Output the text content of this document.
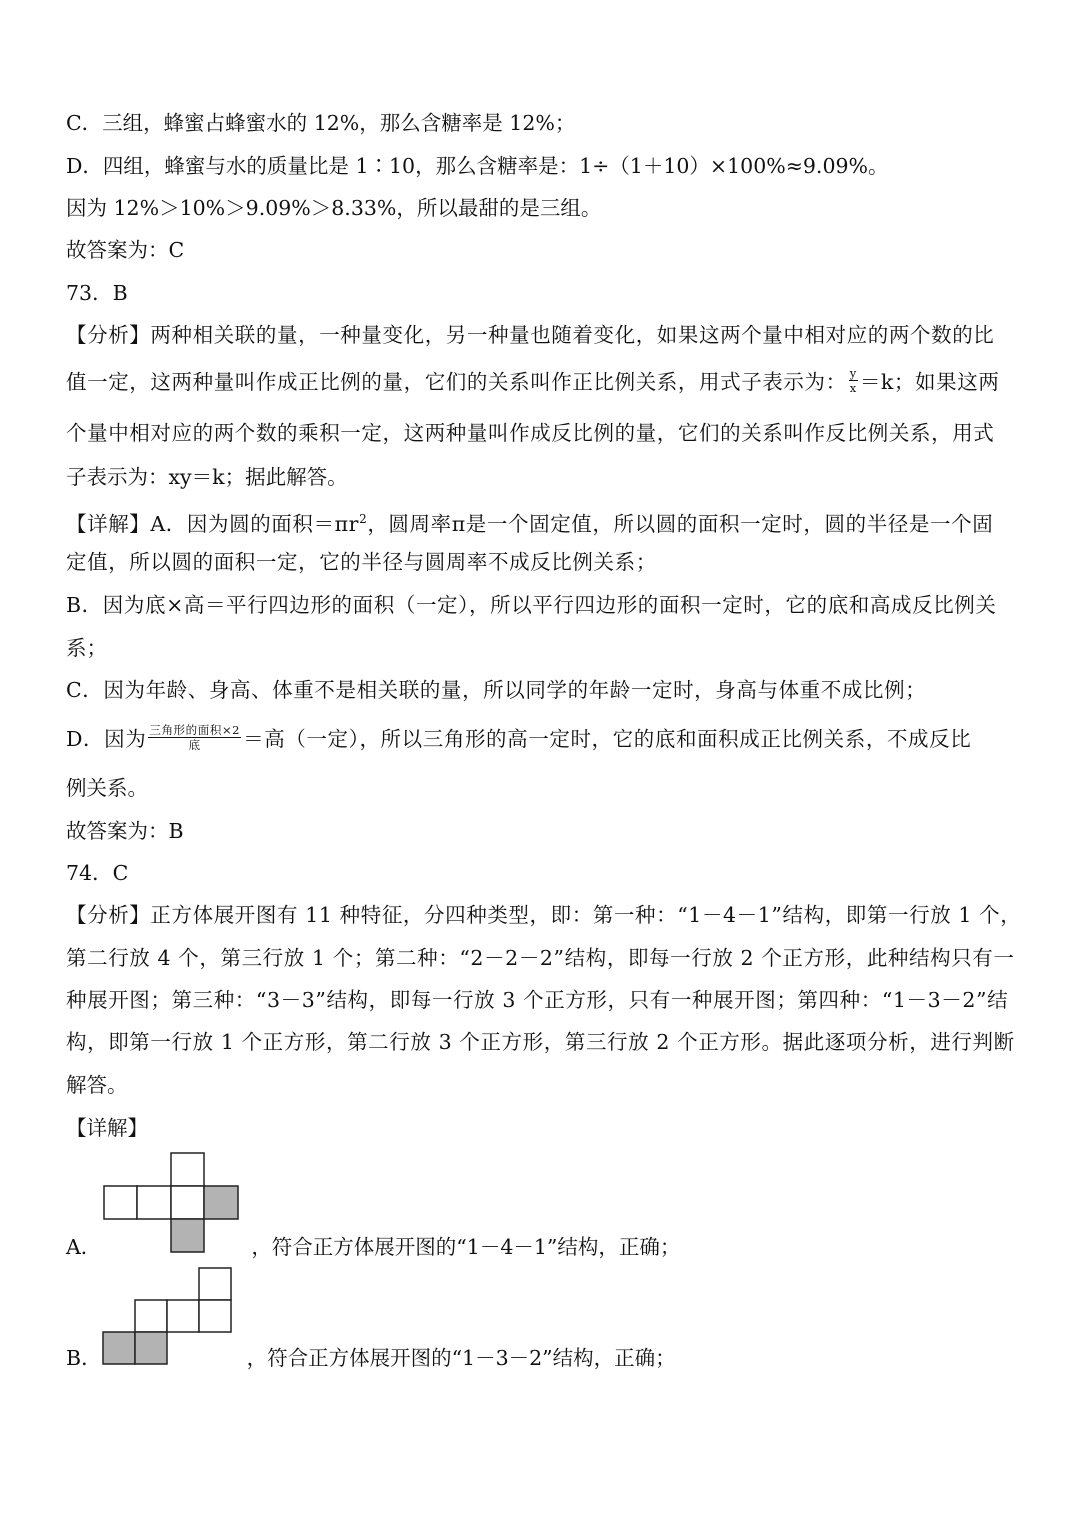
C．三组，蜂蜜占蜂蜜水的 12%，那么含糖率是 12%；
D．四组，蜂蜜与水的质量比是 1∶10，那么含糖率是：1÷（1＋10）×100%≈9.09%。
因为 12%＞10%＞9.09%＞8.33%，所以最甜的是三组。
故答案为：C
73．B
【分析】两种相关联的量，一种量变化，另一种量也随着变化，如果这两个量中相对应的两个数的比
值一定，这两种量叫作成正比例的量，它们的关系叫作正比例关系，用式子表示为： $\frac{y}{x} =k$；如果这两
个量中相对应的两个数的乘积一定，这两种量叫作成反比例的量，它们的关系叫作反比例关系，用式
子表示为：xy＝k；据此解答。
【详解】A．因为圆的面积$=\pi r^2$，圆周率π是一个固定值，所以圆的面积一定时，圆的半径是一个固
定值，所以圆的面积一定，它的半径与圆周率不成反比例关系；
B．因为底×高＝平行四边形的面积（一定），所以平行四边形的面积一定时，它的底和高成反比例关
系；
C．因为年龄、身高、体重不是相关联的量，所以同学的年龄一定时，身高与体重不成比例；
D．因为 $\frac{\text{三角形的面积×2}}{\text{底}}$ ＝高（一定），所以三角形的高一定时，它的底和面积成正比例关系，不成反比
例关系。
故答案为：B
74．C
【分析】正方体展开图有 11 种特征，分四种类型，即：第一种：“1－4－1”结构，即第一行放 1 个，
第二行放 4 个，第三行放 1 个；第二种：“2－2－2”结构，即每一行放 2 个正方形，此种结构只有一
种展开图；第三种：“3－3”结构，即每一行放 3 个正方形，只有一种展开图；第四种：“1－3－2”结
构，即第一行放 1 个正方形，第二行放 3 个正方形，第三行放 2 个正方形。据此逐项分析，进行判断
解答。
【详解】
A．	，符合正方体展开图的“1－4－1”结构，正确；
B．	，符合正方体展开图的“1－3－2”结构，正确；
